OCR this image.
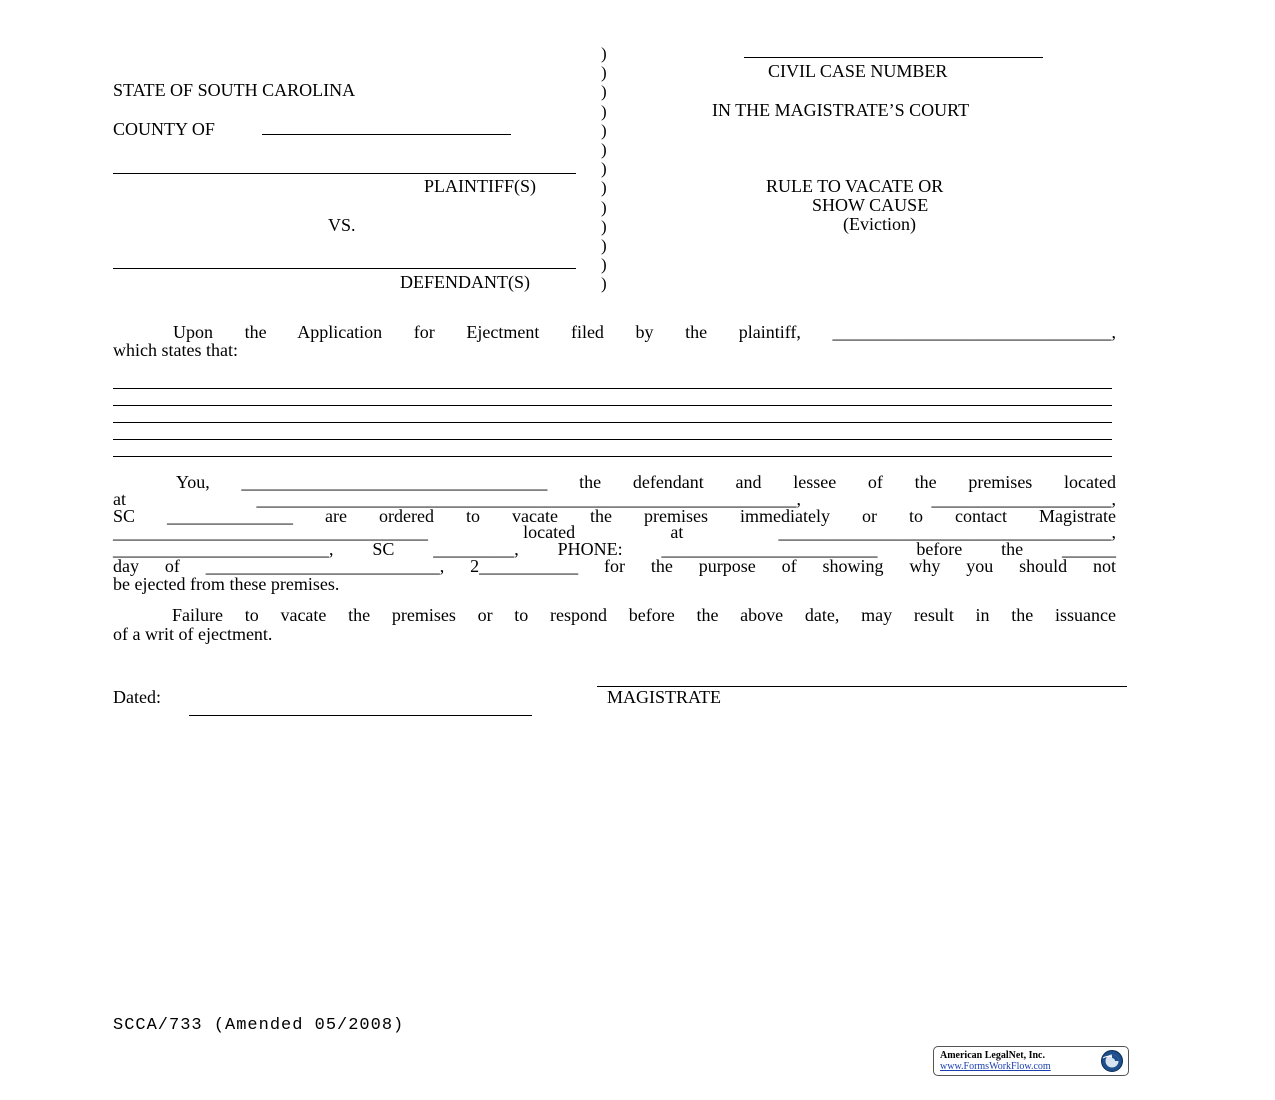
STATE OF SOUTH CAROLINA
COUNTY OF
PLAINTIFF(S)
VS.
DEFENDANT(S)
)
)
)
)
)
)
)
)
)
)
)
)
)
CIVIL CASE NUMBER
IN THE MAGISTRATE’S COURT
RULE TO VACATE OR
SHOW CAUSE
(Eviction)
Upon the Application for Ejectment filed by the plaintiff, _______________________________,
which states that:
You, __________________________________ the defendant and lessee of the premises located
at ____________________________________________________________, ____________________,
SC ______________ are ordered to vacate the premises immediately or to contact Magistrate
___________________________________ located at _____________________________________,
________________________, SC _________, PHONE: ________________________ before the ______
day of __________________________, 2___________ for the purpose of showing why you should not
be ejected from these premises.
Failure to vacate the premises or to respond before the above date, may result in the issuance
of a writ of ejectment.
Dated:	MAGISTRATE
SCCA/733 (Amended 05/2008)
American LegalNet, Inc.
www.FormsWorkFlow.com
